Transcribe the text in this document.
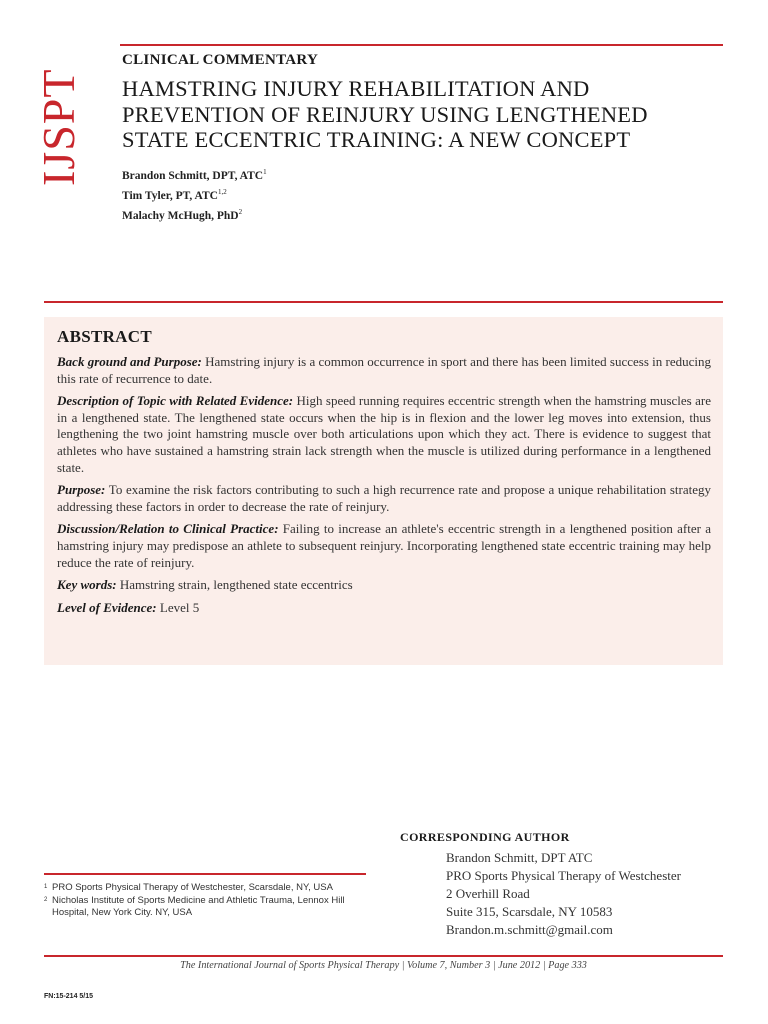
IJSPT
CLINICAL COMMENTARY
HAMSTRING INJURY REHABILITATION AND
PREVENTION OF REINJURY USING LENGTHENED
STATE ECCENTRIC TRAINING: A NEW CONCEPT
Brandon Schmitt, DPT, ATC$^1$
Tim Tyler, PT, ATC$^{1,2}$
Malachy McHugh, PhD$^2$
ABSTRACT

Back ground and Purpose: Hamstring injury is a common occurrence in sport and there has been limited success in reducing this rate of recurrence to date.

Description of Topic with Related Evidence: High speed running requires eccentric strength when the hamstring muscles are in a lengthened state. The lengthened state occurs when the hip is in flexion and the lower leg moves into extension, thus lengthening the two joint hamstring muscle over both articulations upon which they act. There is evidence to suggest that athletes who have sustained a hamstring strain lack strength when the muscle is utilized during performance in a lengthened state.

Purpose: To examine the risk factors contributing to such a high recurrence rate and propose a unique rehabilitation strategy addressing these factors in order to decrease the rate of reinjury.

Discussion/Relation to Clinical Practice: Failing to increase an athlete's eccentric strength in a lengthened position after a hamstring injury may predispose an athlete to subsequent reinjury. Incorporating lengthened state eccentric training may help reduce the rate of reinjury.

Key words: Hamstring strain, lengthened state eccentrics

Level of Evidence: Level 5

CORRESPONDING AUTHOR
Brandon Schmitt, DPT ATC
PRO Sports Physical Therapy of Westchester
2 Overhill Road
Suite 315, Scarsdale, NY 10583
Brandon.m.schmitt@gmail.com
1 PRO Sports Physical Therapy of Westchester, Scarsdale, NY, USA
2 Nicholas Institute of Sports Medicine and Athletic Trauma, Lennox Hill Hospital, New York City. NY, USA
The International Journal of Sports Physical Therapy | Volume 7, Number 3 | June 2012 | Page 333
FN:15-214 5/15
